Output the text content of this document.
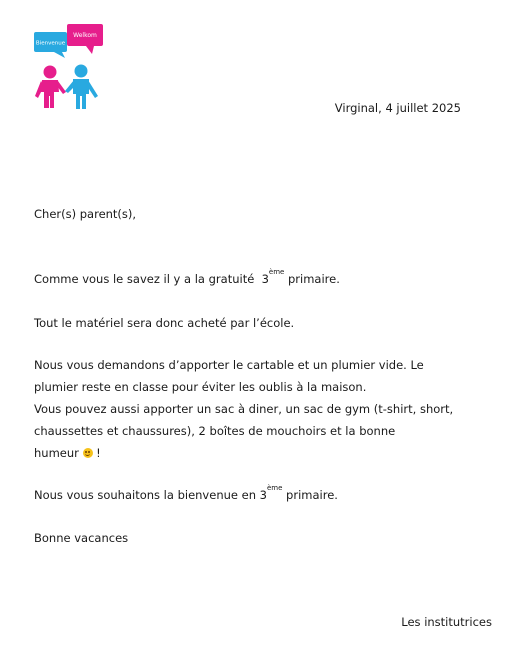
Bienvenue
Welkom
Virginal, 4 juillet 2025

Cher(s) parent(s),

Comme vous le savez il y a la gratuité  3ème primaire.

Tout le matériel sera donc acheté par l’école.

Nous vous demandons d’apporter le cartable et un plumier vide. Le
plumier reste en classe pour éviter les oublis à la maison.
Vous pouvez aussi apporter un sac à diner, un sac de gym (t-shirt, short,
chaussettes et chaussures), 2 boîtes de mouchoirs et la bonne
humeur
!

Nous vous souhaitons la bienvenue en 3ème primaire.

Bonne vacances

Les institutrices
